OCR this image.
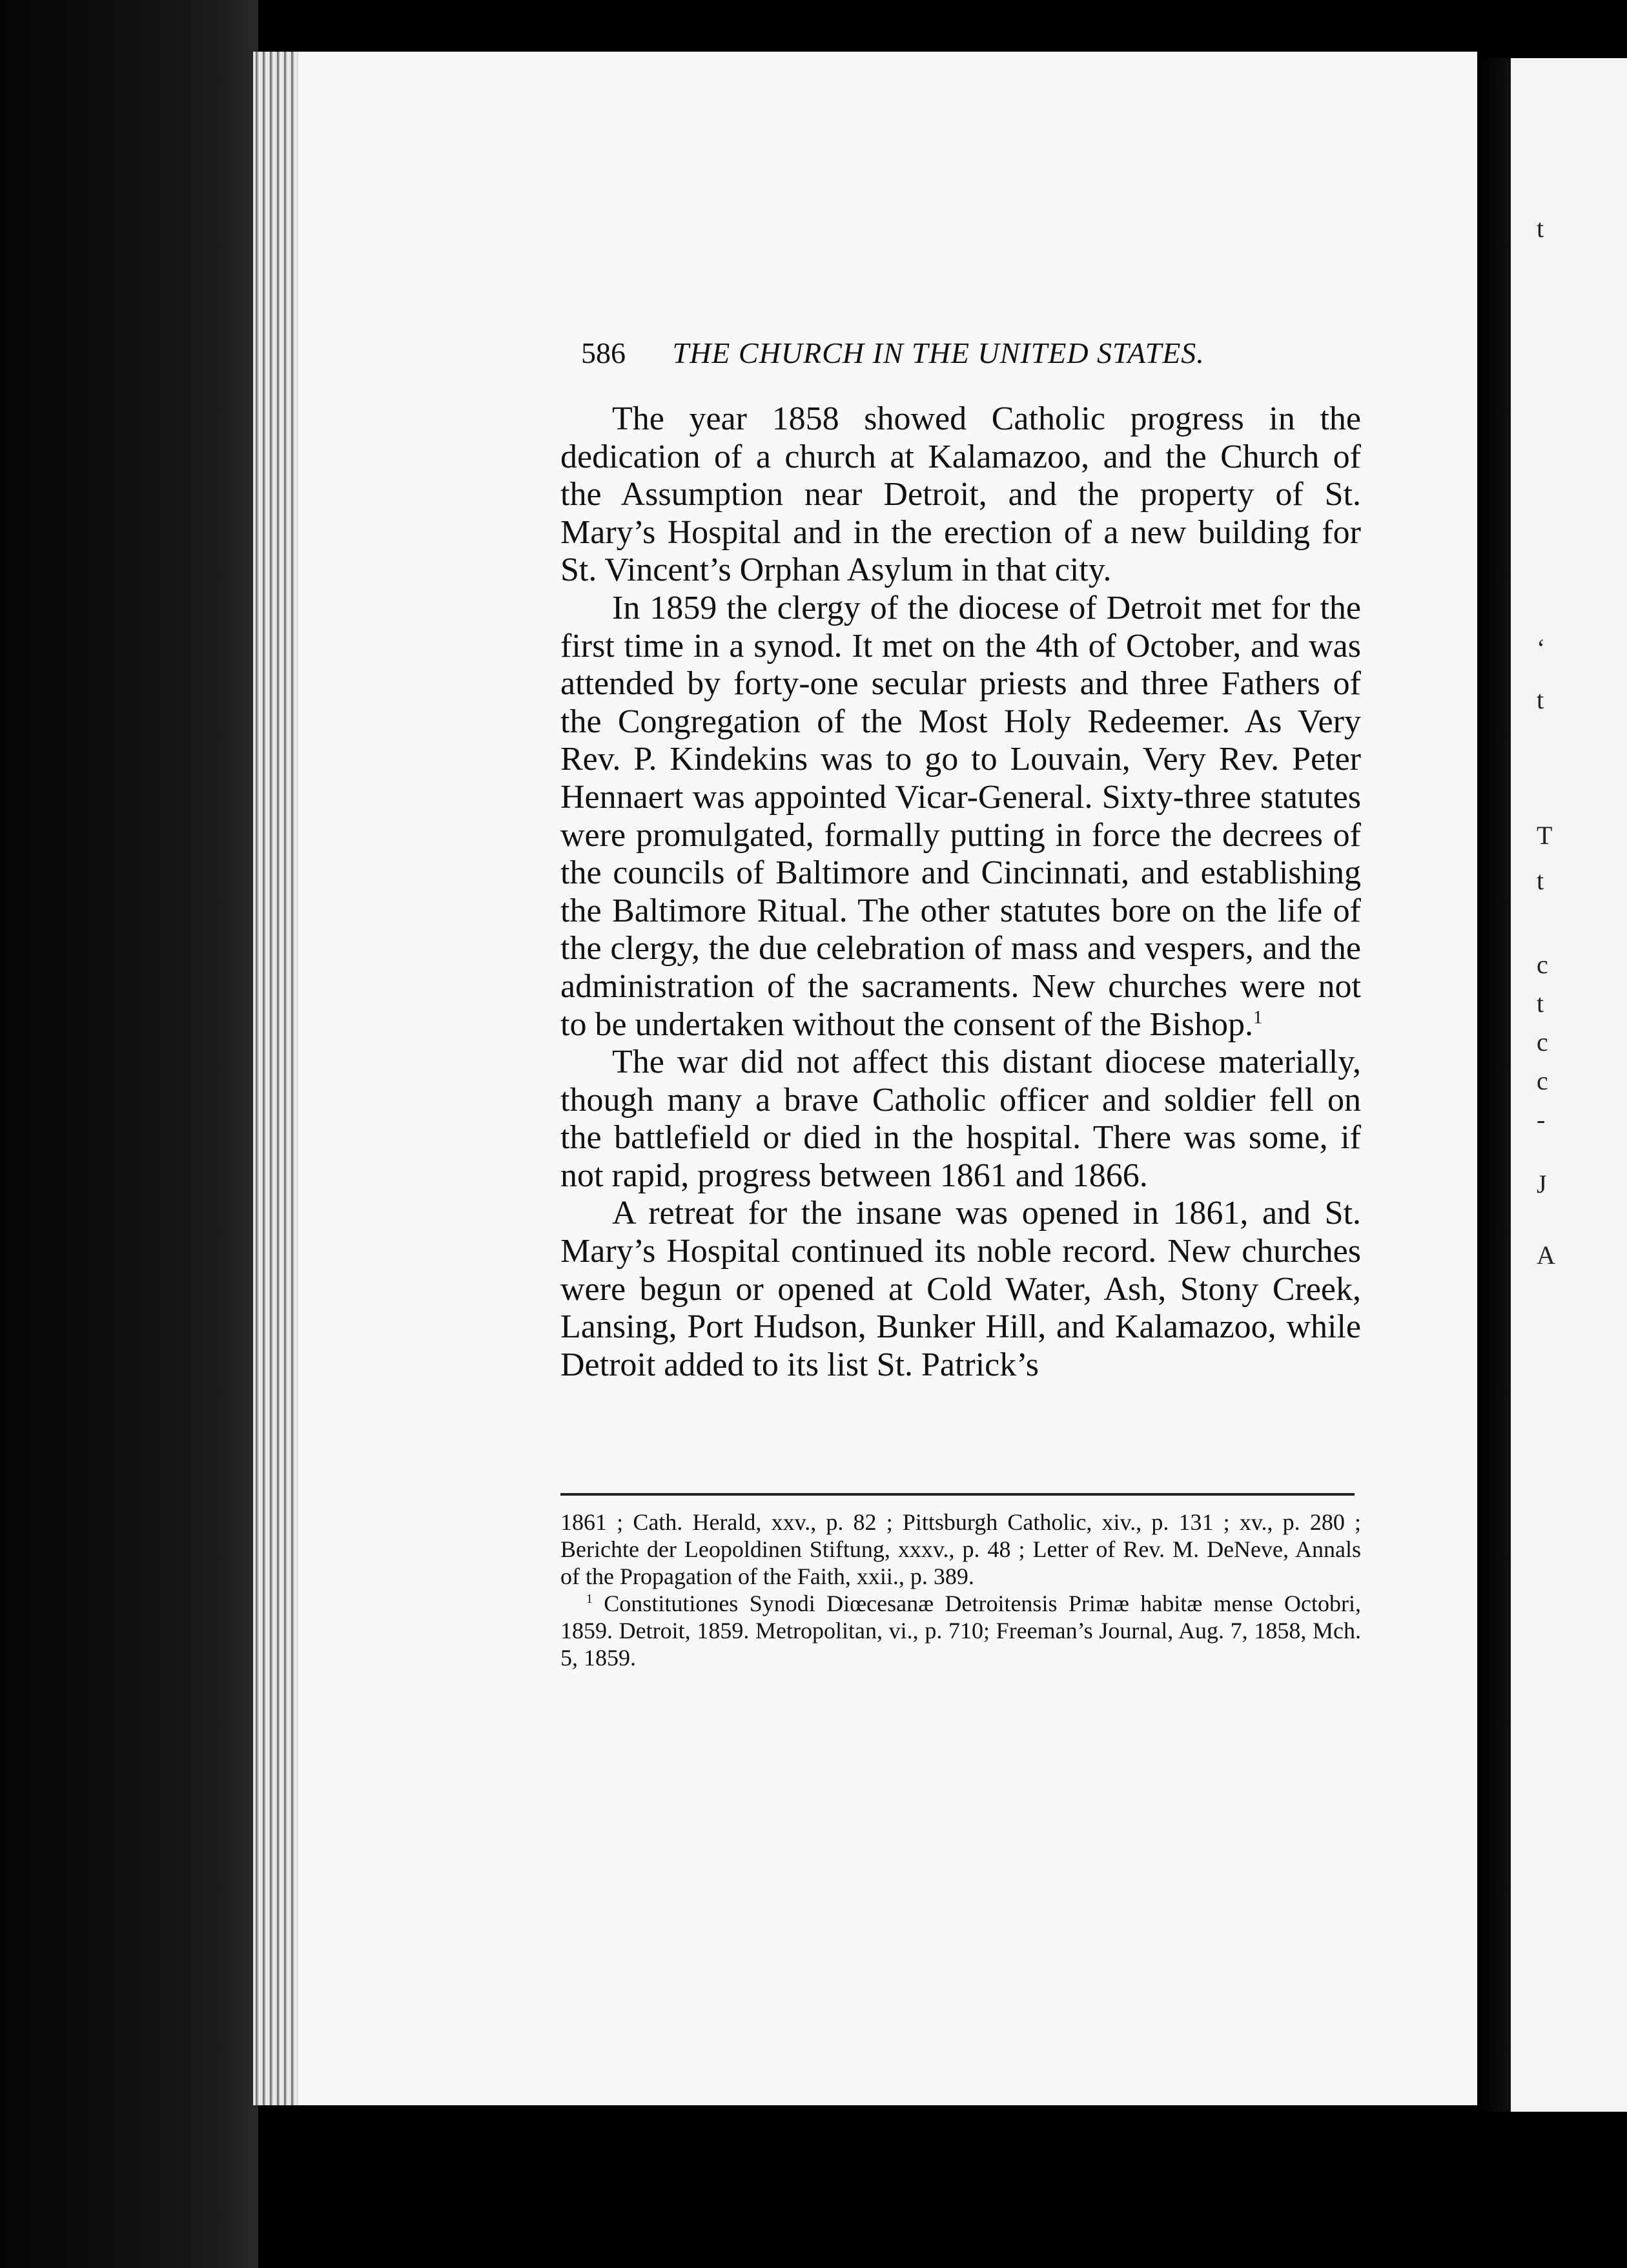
t
‘
t
T
t
c
t
c
c
-
J
A
586 THE CHURCH IN THE UNITED STATES.

The year 1858 showed Catholic progress in the dedication of a church at Kalamazoo, and the Church of the Assumption near Detroit, and the property of St. Mary’s Hospital and in the erection of a new building for St. Vincent’s Orphan Asylum in that city.

In 1859 the clergy of the diocese of Detroit met for the first time in a synod. It met on the 4th of October, and was attended by forty-one secular priests and three Fathers of the Congregation of the Most Holy Redeemer. As Very Rev. P. Kindekins was to go to Louvain, Very Rev. Peter Hennaert was appointed Vicar-General. Sixty-three statutes were promulgated, formally putting in force the decrees of the councils of Baltimore and Cincinnati, and establishing the Baltimore Ritual. The other statutes bore on the life of the clergy, the due celebration of mass and vespers, and the administration of the sacraments. New churches were not to be undertaken without the consent of the Bishop.$^1$

The war did not affect this distant diocese materially, though many a brave Catholic officer and soldier fell on the battlefield or died in the hospital. There was some, if not rapid, progress between 1861 and 1866.

A retreat for the insane was opened in 1861, and St. Mary’s Hospital continued its noble record. New churches were begun or opened at Cold Water, Ash, Stony Creek, Lansing, Port Hudson, Bunker Hill, and Kalamazoo, while Detroit added to its list St. Patrick’s

1861 ; Cath. Herald, xxv., p. 82 ; Pittsburgh Catholic, xiv., p. 131 ; xv., p. 280 ; Berichte der Leopoldinen Stiftung, xxxv., p. 48 ; Letter of Rev. M. DeNeve, Annals of the Propagation of the Faith, xxii., p. 389.

$^1$ Constitutiones Synodi Diœcesanæ Detroitensis Primæ habitæ mense Octobri, 1859. Detroit, 1859. Metropolitan, vi., p. 710; Freeman’s Journal, Aug. 7, 1858, Mch. 5, 1859.
